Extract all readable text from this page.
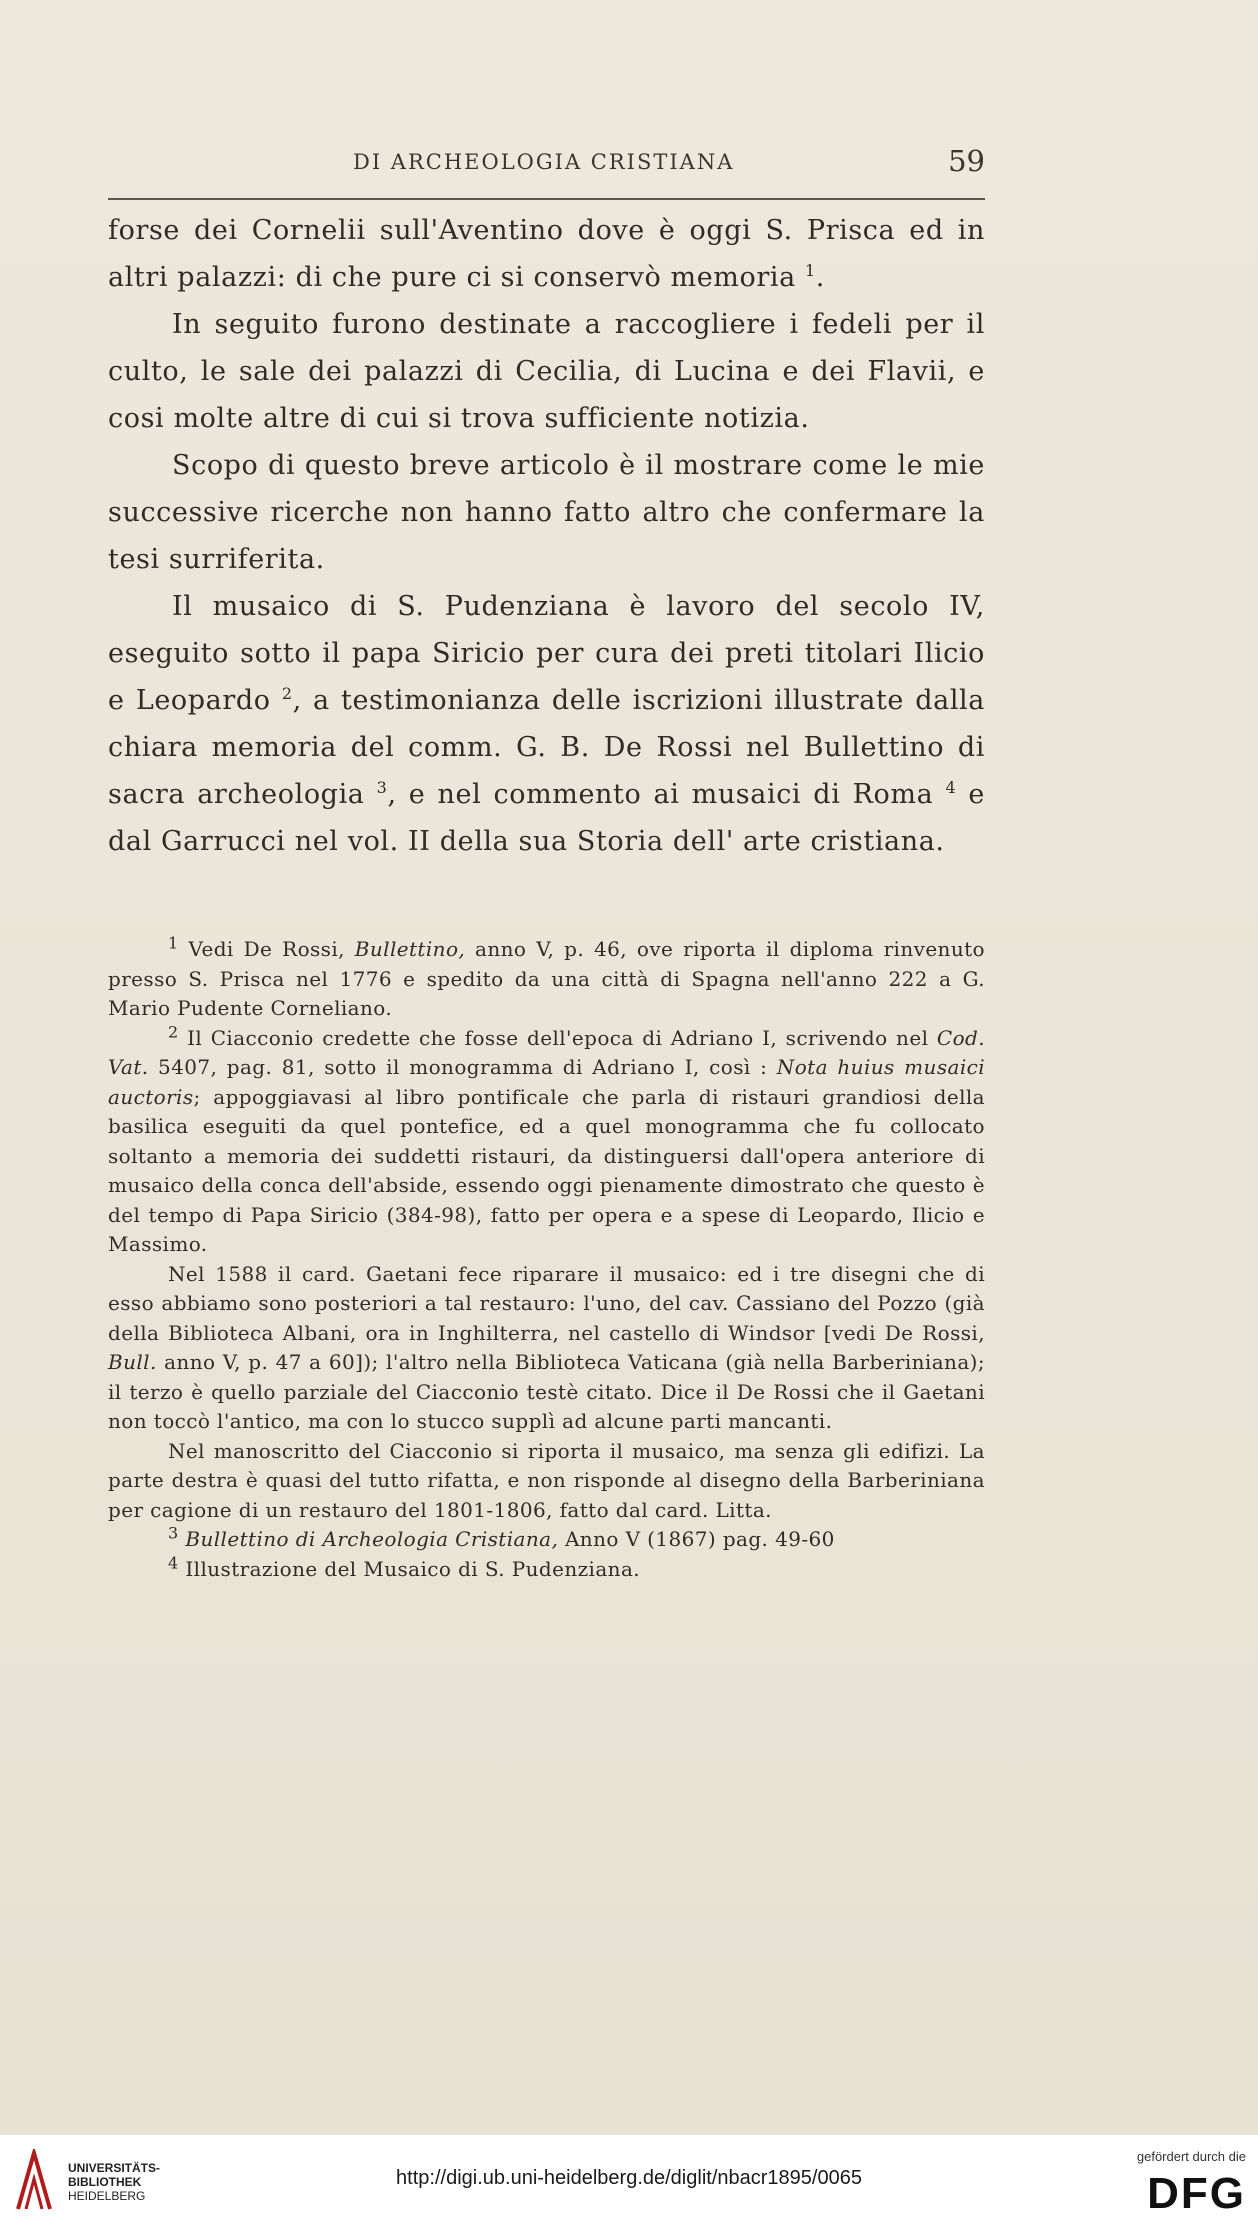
DI ARCHEOLOGIA CRISTIANA	59

forse dei Cornelii sull'Aventino dove è oggi S. Prisca ed in altri palazzi: di che pure ci si conservò memoria $^1$.

In seguito furono destinate a raccogliere i fedeli per il culto, le sale dei palazzi di Cecilia, di Lucina e dei Flavii, e cosi molte altre di cui si trova sufficiente notizia.

Scopo di questo breve articolo è il mostrare come le mie successive ricerche non hanno fatto altro che confermare la tesi surriferita.

Il musaico di S. Pudenziana è lavoro del secolo IV, eseguito sotto il papa Siricio per cura dei preti titolari Ilicio e Leopardo $^2$, a testimonianza delle iscrizioni illustrate dalla chiara memoria del comm. G. B. De Rossi nel Bullettino di sacra archeologia $^3$, e nel commento ai musaici di Roma $^4$ e dal Garrucci nel vol. II della sua Storia dell' arte cristiana.

$^1$ Vedi De Rossi, Bullettino, anno V, p. 46, ove riporta il diploma rinvenuto presso S. Prisca nel 1776 e spedito da una città di Spagna nell'anno 222 a G. Mario Pudente Corneliano.

$^2$ Il Ciacconio credette che fosse dell'epoca di Adriano I, scrivendo nel Cod. Vat. 5407, pag. 81, sotto il monogramma di Adriano I, così : Nota huius musaici auctoris; appoggiavasi al libro pontificale che parla di ristauri grandiosi della basilica eseguiti da quel pontefice, ed a quel monogramma che fu collocato soltanto a memoria dei suddetti ristauri, da distinguersi dall'opera anteriore di musaico della conca dell'abside, essendo oggi pienamente dimostrato che questo è del tempo di Papa Siricio (384-98), fatto per opera e a spese di Leopardo, Ilicio e Massimo.

Nel 1588 il card. Gaetani fece riparare il musaico: ed i tre disegni che di esso abbiamo sono posteriori a tal restauro: l'uno, del cav. Cassiano del Pozzo (già della Biblioteca Albani, ora in Inghilterra, nel castello di Windsor [vedi De Rossi, Bull. anno V, p. 47 a 60]); l'altro nella Biblioteca Vaticana (già nella Barberiniana); il terzo è quello parziale del Ciacconio testè citato. Dice il De Rossi che il Gaetani non toccò l'antico, ma con lo stucco supplì ad alcune parti mancanti.

Nel manoscritto del Ciacconio si riporta il musaico, ma senza gli edifizi. La parte destra è quasi del tutto rifatta, e non risponde al disegno della Barberiniana per cagione di un restauro del 1801-1806, fatto dal card. Litta.

$^3$ Bullettino di Archeologia Cristiana, Anno V (1867) pag. 49-60

$^4$ Illustrazione del Musaico di S. Pudenziana.

UNIVERSITÄTS-
BIBLIOTHEK
HEIDELBERG
http://digi.ub.uni-heidelberg.de/diglit/nbacr1895/0065
gefördert durch die
DFG
